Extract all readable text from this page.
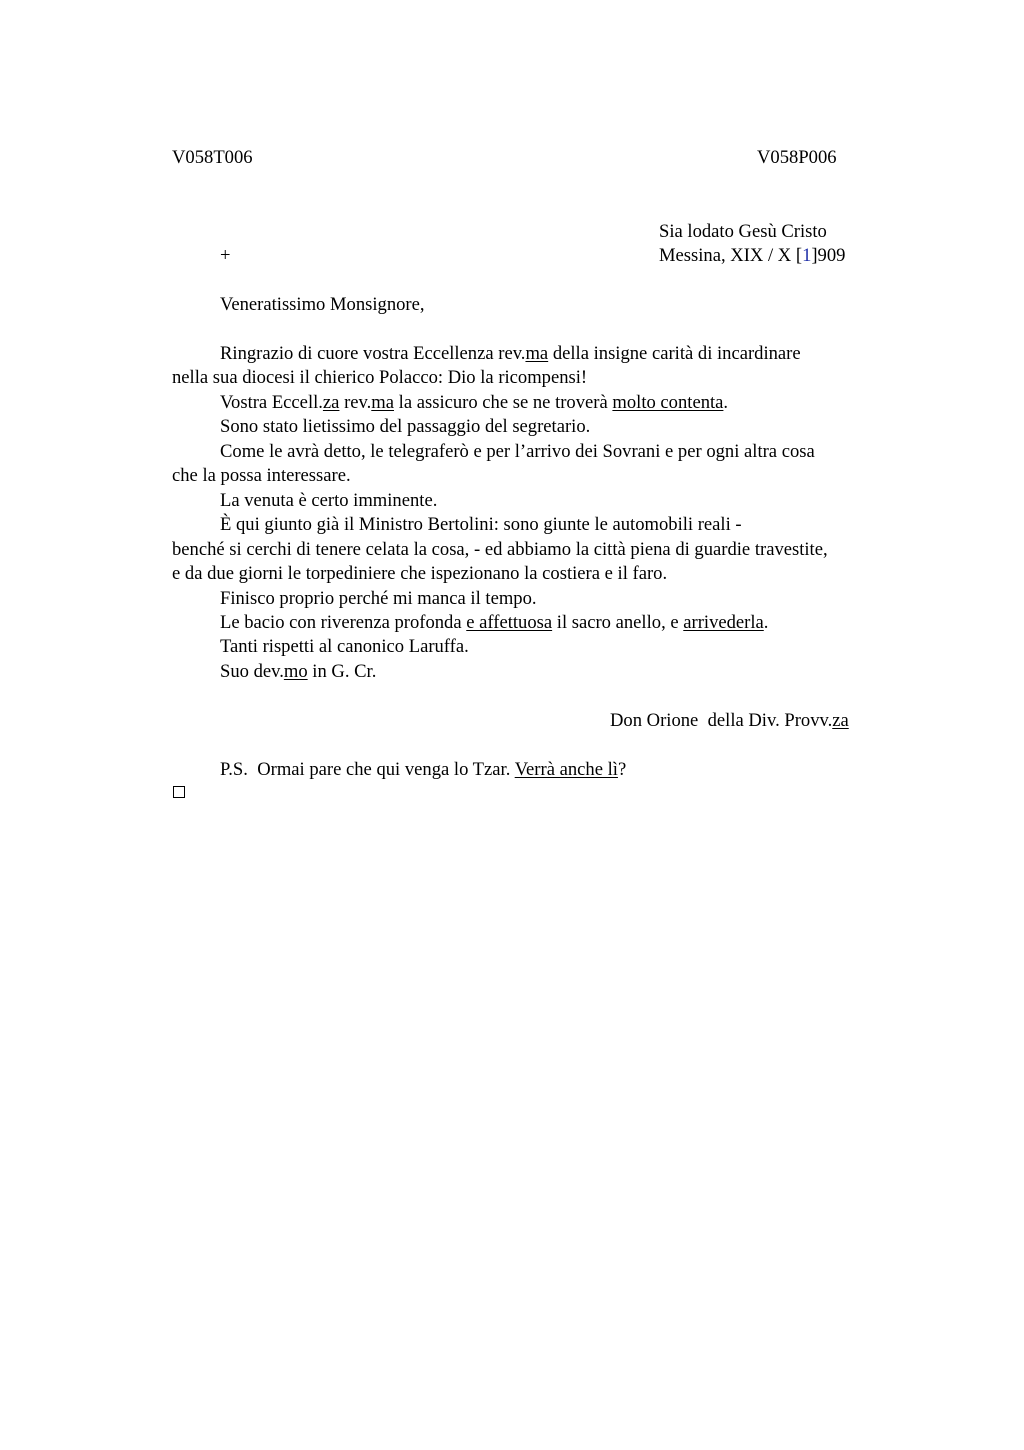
V058T006	V058P006
Sia lodato Gesù Cristo
+	Messina, XIX / X [1]909
Veneratissimo Monsignore,
Ringrazio di cuore vostra Eccellenza rev.ma della insigne carità di incardinare
nella sua diocesi il chierico Polacco: Dio la ricompensi!
Vostra Eccell.za rev.ma la assicuro che se ne troverà molto contenta.
Sono stato lietissimo del passaggio del segretario.
Come le avrà detto, le telegraferò e per l’arrivo dei Sovrani e per ogni altra cosa
che la possa interessare.
La venuta è certo imminente.
È qui giunto già il Ministro Bertolini: sono giunte le automobili reali -
benché si cerchi di tenere celata la cosa, - ed abbiamo la città piena di guardie travestite,
e da due giorni le torpediniere che ispezionano la costiera e il faro.
Finisco proprio perché mi manca il tempo.
Le bacio con riverenza profonda e affettuosa il sacro anello, e arrivederla.
Tanti rispetti al canonico Laruffa.
Suo dev.mo in G. Cr.
Don Orione  della Div. Provv.za
P.S.  Ormai pare che qui venga lo Tzar. Verrà anche lì?
